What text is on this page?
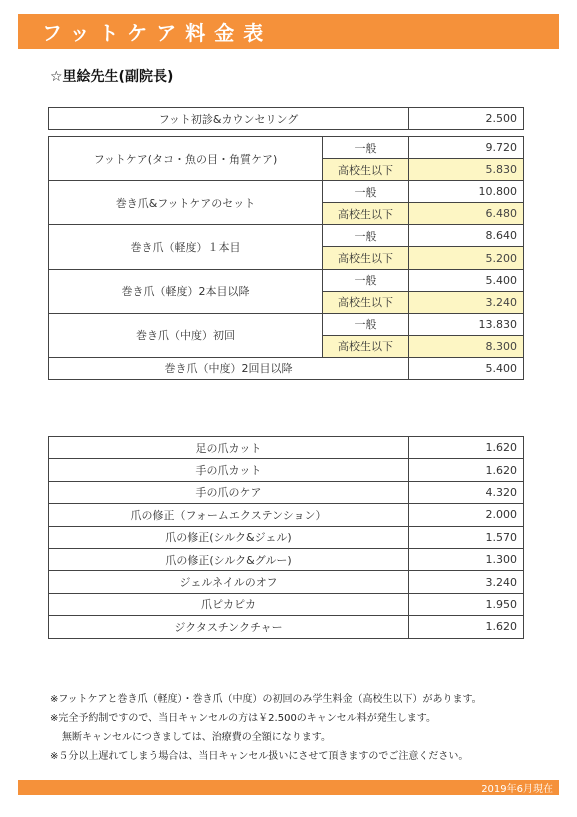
フットケア料金表
☆里絵先生(副院長)
フット初診&カウンセリング	2.500
フットケア(タコ・魚の目・角質ケア)	一般	9.720
	高校生以下	5.830
巻き爪&フットケアのセット	一般	10.800
	高校生以下	6.480
巻き爪（軽度）１本目	一般	8.640
	高校生以下	5.200
巻き爪（軽度）2本目以降	一般	5.400
	高校生以下	3.240
巻き爪（中度）初回	一般	13.830
	高校生以下	8.300
巻き爪（中度）2回目以降		5.400
足の爪カット	1.620
手の爪カット	1.620
手の爪のケア	4.320
爪の修正（フォームエクステンション）	2.000
爪の修正(シルク&ジェル)	1.570
爪の修正(シルク&グルー)	1.300
ジェルネイルのオフ	3.240
爪ピカピカ	1.950
ジクタスチンクチャー	1.620
※フットケアと巻き爪（軽度）・巻き爪（中度）の初回のみ学生料金（高校生以下）があります。
※完全予約制ですので、当日キャンセルの方は￥2.500のキャンセル料が発生します。
無断キャンセルにつきましては、治療費の全額になります。
※５分以上遅れてしまう場合は、当日キャンセル扱いにさせて頂きますのでご注意ください。
2019年6月現在
